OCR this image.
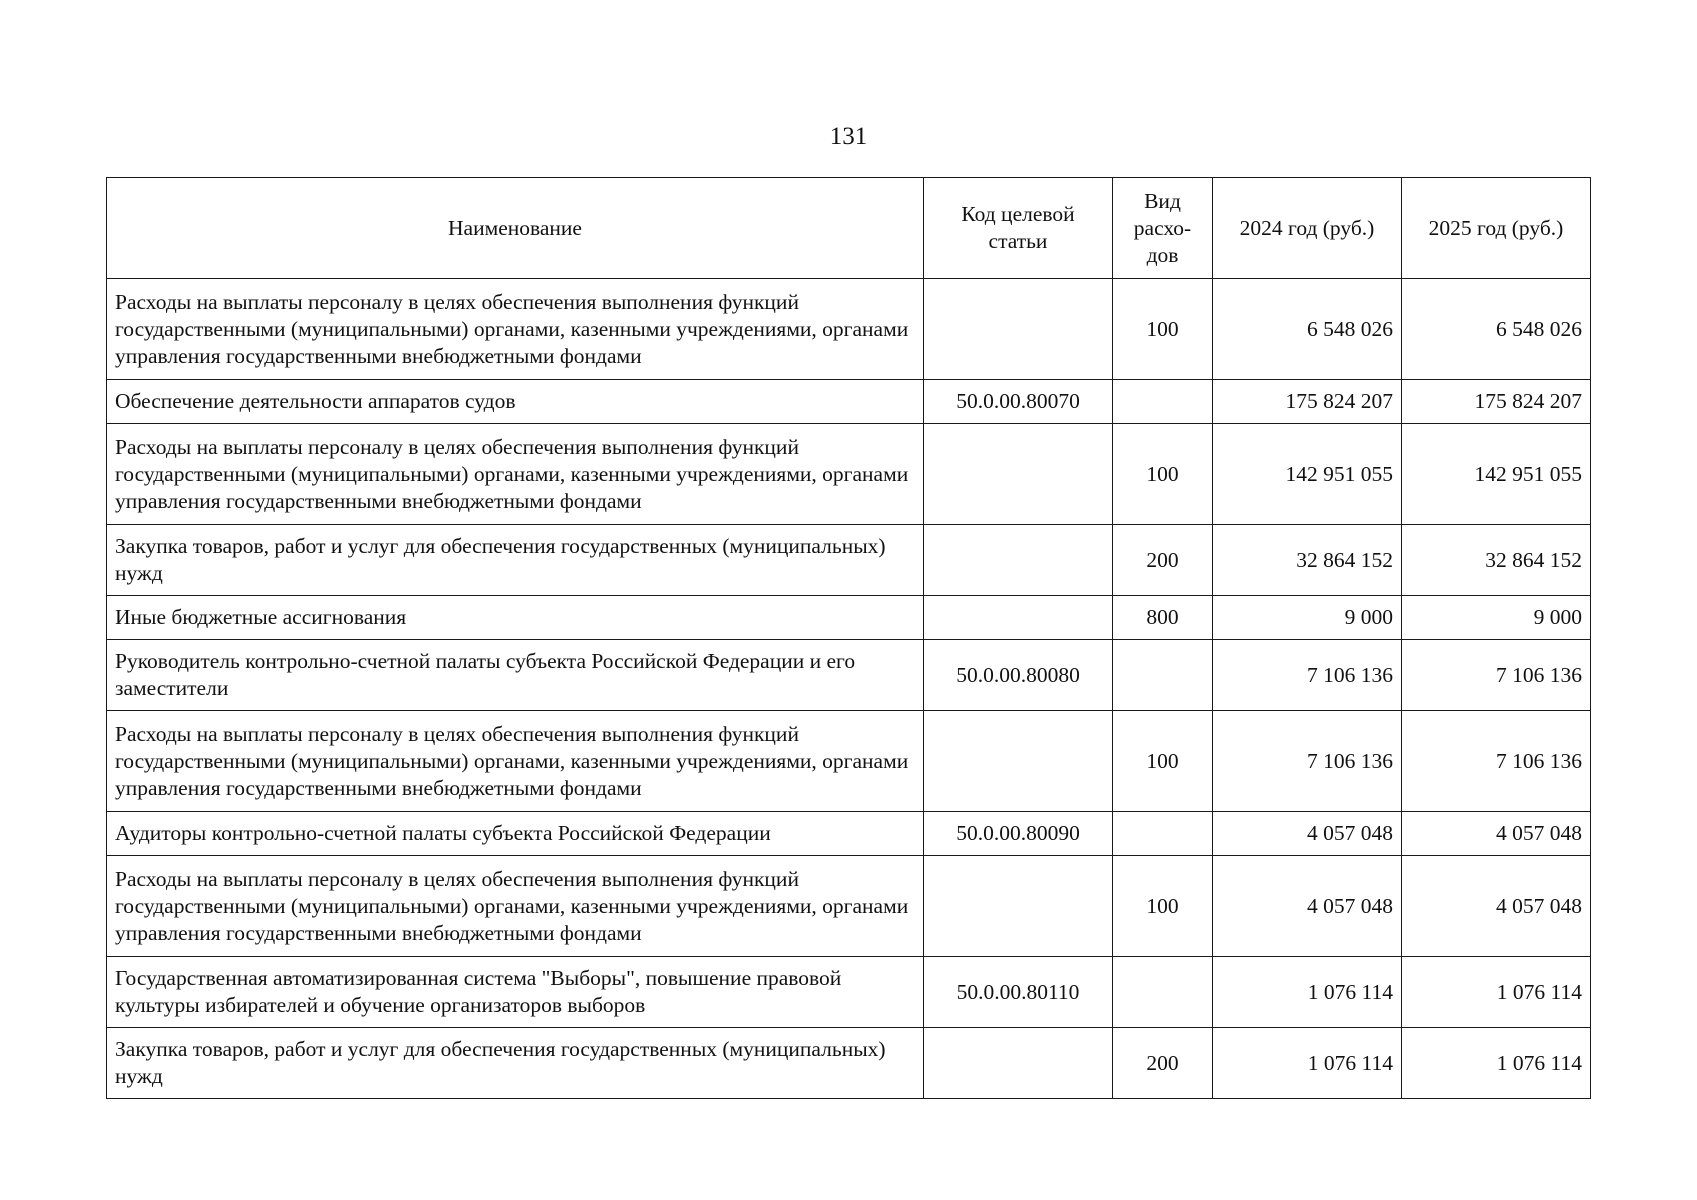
131
Наименование	Код целевой статьи	Вид расхо-дов	2024 год (руб.)	2025 год (руб.)
Расходы на выплаты персоналу в целях обеспечения выполнения функций государственными (муниципальными) органами, казенными учреждениями, органами управления государственными внебюджетными фондами		100	6 548 026	6 548 026
Обеспечение деятельности аппаратов судов	50.0.00.80070		175 824 207	175 824 207
Расходы на выплаты персоналу в целях обеспечения выполнения функций государственными (муниципальными) органами, казенными учреждениями, органами управления государственными внебюджетными фондами		100	142 951 055	142 951 055
Закупка товаров, работ и услуг для обеспечения государственных (муниципальных) нужд		200	32 864 152	32 864 152
Иные бюджетные ассигнования		800	9 000	9 000
Руководитель контрольно-счетной палаты субъекта Российской Федерации и его заместители	50.0.00.80080		7 106 136	7 106 136
Расходы на выплаты персоналу в целях обеспечения выполнения функций государственными (муниципальными) органами, казенными учреждениями, органами управления государственными внебюджетными фондами		100	7 106 136	7 106 136
Аудиторы контрольно-счетной палаты субъекта Российской Федерации	50.0.00.80090		4 057 048	4 057 048
Расходы на выплаты персоналу в целях обеспечения выполнения функций государственными (муниципальными) органами, казенными учреждениями, органами управления государственными внебюджетными фондами		100	4 057 048	4 057 048
Государственная автоматизированная система "Выборы", повышение правовой культуры избирателей и обучение организаторов выборов	50.0.00.80110		1 076 114	1 076 114
Закупка товаров, работ и услуг для обеспечения государственных (муниципальных) нужд		200	1 076 114	1 076 114
